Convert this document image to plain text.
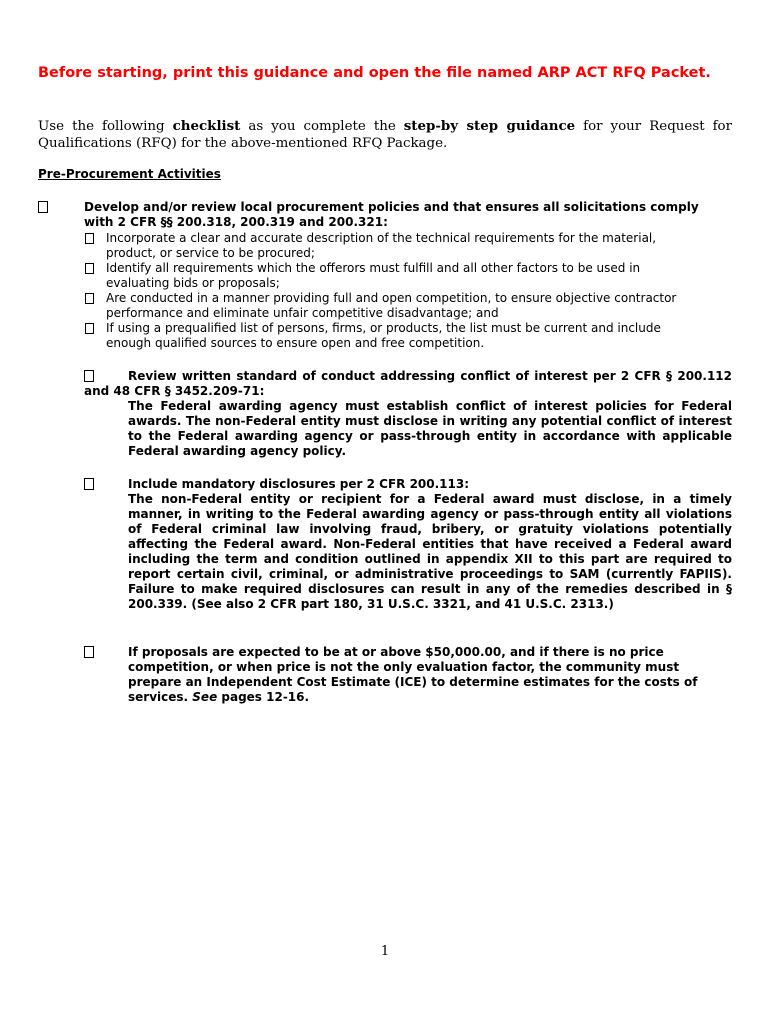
Before starting, print this guidance and open the file named ARP ACT RFQ Packet.
Use the following checklist as you complete the step-by step guidance for your Request for Qualifications (RFQ) for the above-mentioned RFQ Package.
Pre-Procurement Activities
Develop and/or review local procurement policies and that ensures all solicitations comply
with 2 CFR §§ 200.318, 200.319 and 200.321:
Incorporate a clear and accurate description of the technical requirements for the material,
product, or service to be procured;
Identify all requirements which the offerors must fulfill and all other factors to be used in
evaluating bids or proposals;
Are conducted in a manner providing full and open competition, to ensure objective contractor
performance and eliminate unfair competitive disadvantage; and
If using a prequalified list of persons, firms, or products, the list must be current and include
enough qualified sources to ensure open and free competition.
Review written standard of conduct addressing conflict of interest per 2 CFR § 200.112 and 48 CFR § 3452.209-71:
The Federal awarding agency must establish conflict of interest policies for Federal awards. The non-Federal entity must disclose in writing any potential conflict of interest to the Federal awarding agency or pass-through entity in accordance with applicable Federal awarding agency policy.
Include mandatory disclosures per 2 CFR 200.113:
The non-Federal entity or recipient for a Federal award must disclose, in a timely manner, in writing to the Federal awarding agency or pass-through entity all violations of Federal criminal law involving fraud, bribery, or gratuity violations potentially affecting the Federal award. Non-Federal entities that have received a Federal award including the term and condition outlined in appendix XII to this part are required to report certain civil, criminal, or administrative proceedings to SAM (currently FAPIIS). Failure to make required disclosures can result in any of the remedies described in § 200.339. (See also 2 CFR part 180, 31 U.S.C. 3321, and 41 U.S.C. 2313.)
If proposals are expected to be at or above $50,000.00, and if there is no price competition, or when price is not the only evaluation factor, the community must prepare an Independent Cost Estimate (ICE) to determine estimates for the costs of services. See pages 12-16.
1
